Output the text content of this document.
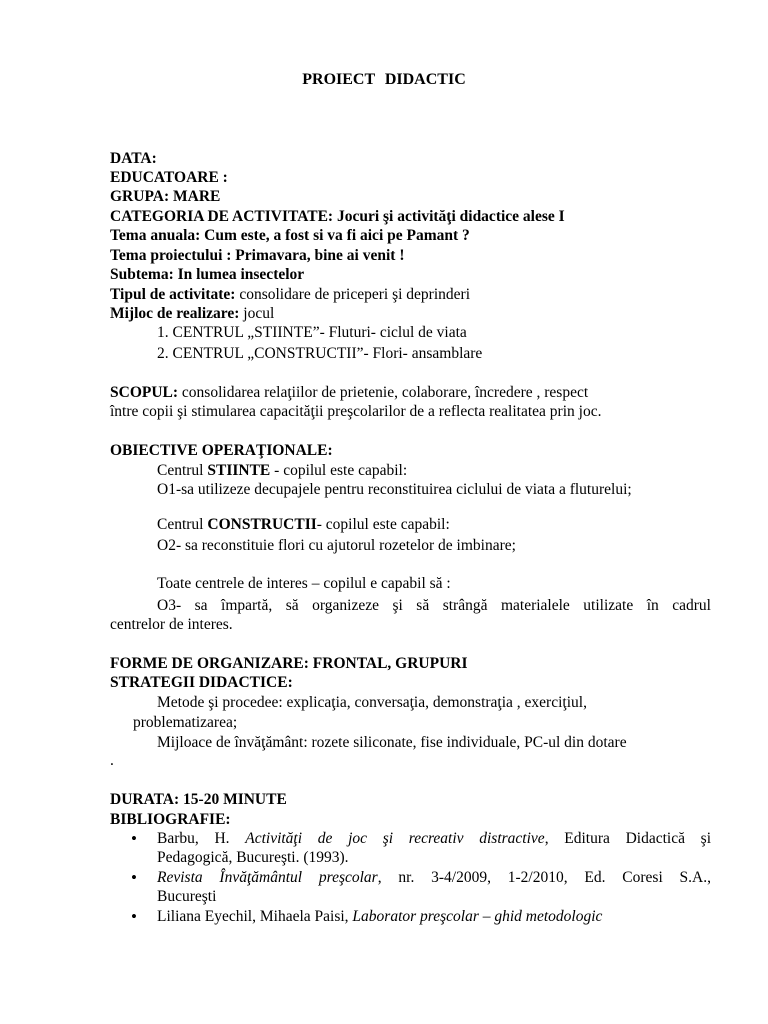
PROIECT DIDACTIC
DATA:
EDUCATOARE :
GRUPA: MARE
CATEGORIA DE ACTIVITATE: Jocuri şi activităţi didactice alese I
Tema anuala: Cum este, a fost si va fi aici pe Pamant ?
Tema proiectului : Primavara, bine ai venit !
Subtema: In lumea insectelor
Tipul de activitate: consolidare de priceperi şi deprinderi
Mijloc de realizare: jocul
1. CENTRUL „STIINTE”- Fluturi- ciclul de viata
2. CENTRUL „CONSTRUCTII”- Flori- ansamblare
SCOPUL: consolidarea relaţiilor de prietenie, colaborare, încredere , respect
între copii şi stimularea capacităţii preşcolarilor de a reflecta realitatea prin joc.
OBIECTIVE OPERAŢIONALE:
Centrul STIINTE - copilul este capabil:
O1-sa utilizeze decupajele pentru reconstituirea ciclului de viata a fluturelui;
Centrul CONSTRUCTII- copilul este capabil:
O2- sa reconstituie flori cu ajutorul rozetelor de imbinare;
Toate centrele de interes – copilul e capabil să :
O3- sa împartă, să organizeze şi să strângă materialele utilizate în cadrul
centrelor de interes.
FORME DE ORGANIZARE: FRONTAL, GRUPURI
STRATEGII DIDACTICE:
Metode şi procedee: explicaţia, conversaţia, demonstraţia , exerciţiul,
problematizarea;
Mijloace de învăţământ: rozete siliconate, fise individuale, PC-ul din dotare
.
DURATA: 15-20 MINUTE
BIBLIOGRAFIE:
• Barbu, H. Activităţi de joc şi recreativ distractive, Editura Didactică şi
Pedagogică, Bucureşti. (1993).
• Revista Învăţământul preşcolar, nr. 3-4/2009, 1-2/2010, Ed. Coresi S.A.,
Bucureşti
• Liliana Eyechil, Mihaela Paisi, Laborator preşcolar – ghid metodologic
